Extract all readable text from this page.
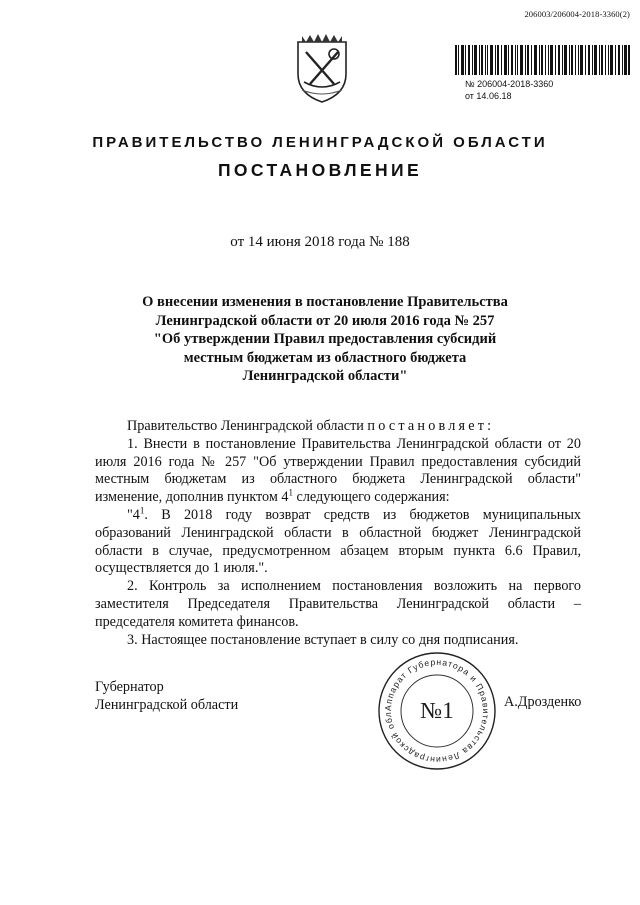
206003/206004-2018-3360(2)
№ 206004-2018-3360
от 14.06.18
ПРАВИТЕЛЬСТВО ЛЕНИНГРАДСКОЙ ОБЛАСТИ
ПОСТАНОВЛЕНИЕ
от 14 июня 2018 года № 188
О внесении изменения в постановление Правительства
Ленинградской области от 20 июля 2016 года № 257
"Об утверждении Правил предоставления субсидий
местным бюджетам из областного бюджета
Ленинградской области"

Правительство Ленинградской области постановляет:

1. Внести в постановление Правительства Ленинградской области от 20 июля 2016 года № 257 "Об утверждении Правил предоставления субсидий местным бюджетам из областного бюджета Ленинградской области" изменение, дополнив пунктом $4^1$ следующего содержания:

"$4^1$. В 2018 году возврат средств из бюджетов муниципальных образований Ленинградской области в областной бюджет Ленинградской области в случае, предусмотренном абзацем вторым пункта 6.6 Правил, осуществляется до 1 июля.".

2. Контроль за исполнением постановления возложить на первого заместителя Председателя Правительства Ленинградской области – председателя комитета финансов.

3. Настоящее постановление вступает в силу со дня подписания.

Губернатор
Ленинградской области	Аппарат Губернатора и Правительства Ленинградской обл	№1	А.Дрозденко
